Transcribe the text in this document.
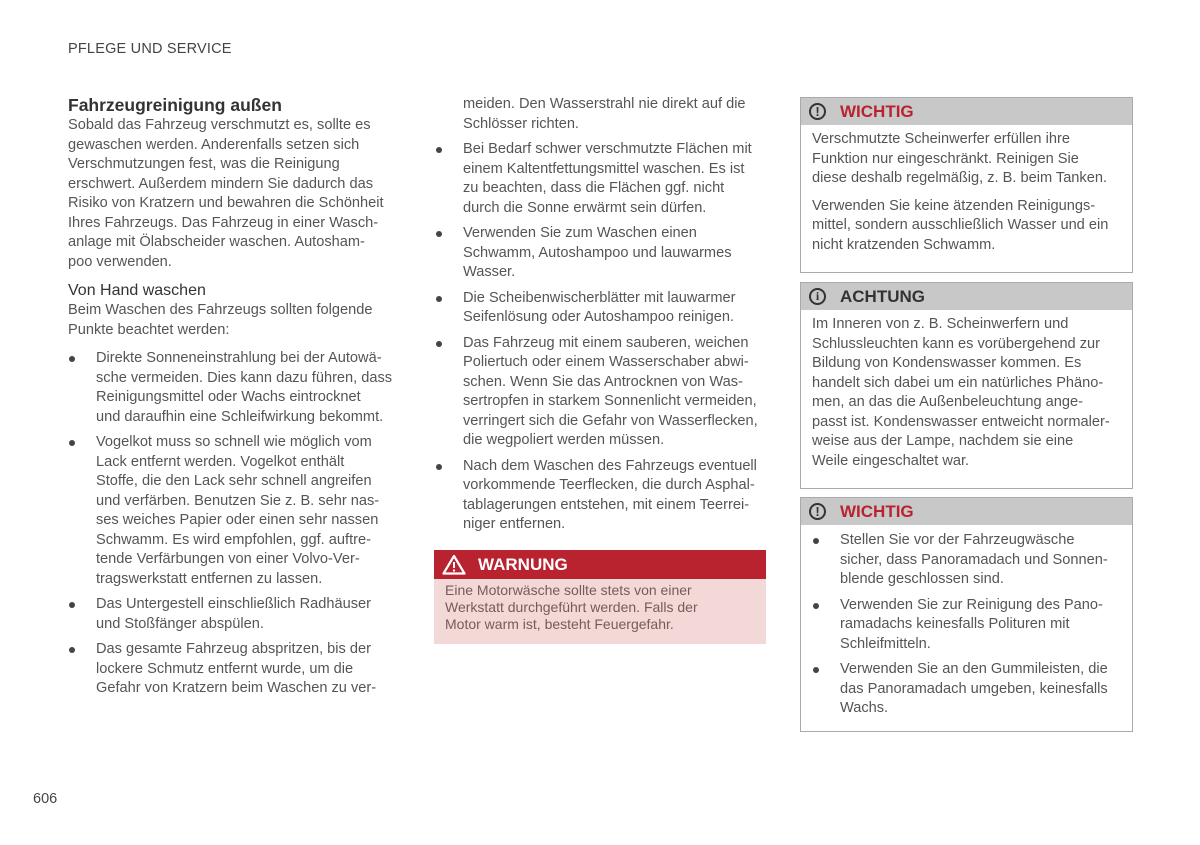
PFLEGE UND SERVICE
Fahrzeugreinigung außen
Sobald das Fahrzeug verschmutzt es, sollte es
gewaschen werden. Anderenfalls setzen sich
Verschmutzungen fest, was die Reinigung
erschwert. Außerdem mindern Sie dadurch das
Risiko von Kratzern und bewahren die Schönheit
Ihres Fahrzeugs. Das Fahrzeug in einer Wasch-
anlage mit Ölabscheider waschen. Autosham-
poo verwenden.
Von Hand waschen
Beim Waschen des Fahrzeugs sollten folgende
Punkte beachtet werden:
Direkte Sonneneinstrahlung bei der Autowä-
sche vermeiden. Dies kann dazu führen, dass
Reinigungsmittel oder Wachs eintrocknet
und daraufhin eine Schleifwirkung bekommt.
Vogelkot muss so schnell wie möglich vom
Lack entfernt werden. Vogelkot enthält
Stoffe, die den Lack sehr schnell angreifen
und verfärben. Benutzen Sie z. B. sehr nas-
ses weiches Papier oder einen sehr nassen
Schwamm. Es wird empfohlen, ggf. auftre-
tende Verfärbungen von einer Volvo-Ver-
tragswerkstatt entfernen zu lassen.
Das Untergestell einschließlich Radhäuser
und Stoßfänger abspülen.
Das gesamte Fahrzeug abspritzen, bis der
lockere Schmutz entfernt wurde, um die
Gefahr von Kratzern beim Waschen zu ver-
meiden. Den Wasserstrahl nie direkt auf die
Schlösser richten.
Bei Bedarf schwer verschmutzte Flächen mit
einem Kaltentfettungsmittel waschen. Es ist
zu beachten, dass die Flächen ggf. nicht
durch die Sonne erwärmt sein dürfen.
Verwenden Sie zum Waschen einen
Schwamm, Autoshampoo und lauwarmes
Wasser.
Die Scheibenwischerblätter mit lauwarmer
Seifenlösung oder Autoshampoo reinigen.
Das Fahrzeug mit einem sauberen, weichen
Poliertuch oder einem Wasserschaber abwi-
schen. Wenn Sie das Antrocknen von Was-
sertropfen in starkem Sonnenlicht vermeiden,
verringert sich die Gefahr von Wasserflecken,
die wegpoliert werden müssen.
Nach dem Waschen des Fahrzeugs eventuell
vorkommende Teerflecken, die durch Asphal-
tablagerungen entstehen, mit einem Teerrei-
niger entfernen.
WARNUNG
Eine Motorwäsche sollte stets von einer
Werkstatt durchgeführt werden. Falls der
Motor warm ist, besteht Feuergefahr.
!	WICHTIG
Verschmutzte Scheinwerfer erfüllen ihre
Funktion nur eingeschränkt. Reinigen Sie
diese deshalb regelmäßig, z. B. beim Tanken.
Verwenden Sie keine ätzenden Reinigungs-
mittel, sondern ausschließlich Wasser und ein
nicht kratzenden Schwamm.
i	ACHTUNG
Im Inneren von z. B. Scheinwerfern und
Schlussleuchten kann es vorübergehend zur
Bildung von Kondenswasser kommen. Es
handelt sich dabei um ein natürliches Phäno-
men, an das die Außenbeleuchtung ange-
passt ist. Kondenswasser entweicht normaler-
weise aus der Lampe, nachdem sie eine
Weile eingeschaltet war.
!	WICHTIG
Stellen Sie vor der Fahrzeugwäsche
sicher, dass Panoramadach und Sonnen-
blende geschlossen sind.
Verwenden Sie zur Reinigung des Pano-
ramadachs keinesfalls Polituren mit
Schleifmitteln.
Verwenden Sie an den Gummileisten, die
das Panoramadach umgeben, keinesfalls
Wachs.
606
